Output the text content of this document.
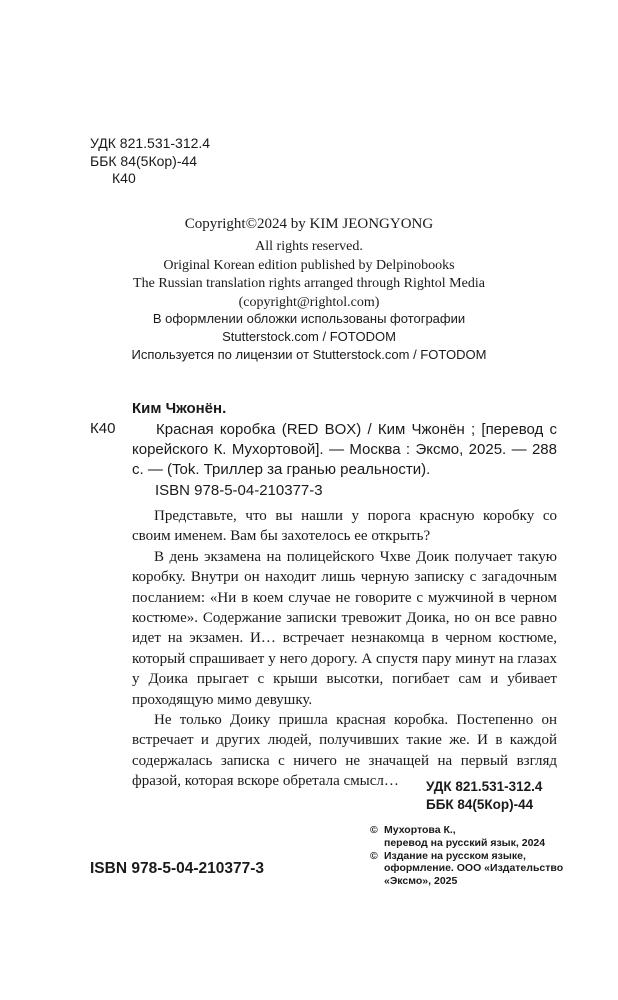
УДК 821.531-312.4
ББК 84(5Кор)-44
К40
Copyright©2024 by KIM JEONGYONG
All rights reserved.
Original Korean edition published by Delpinobooks
The Russian translation rights arranged through Rightol Media
(copyright@rightol.com)
В оформлении обложки использованы фотографии
Stutterstock.com / FOTODOM
Используется по лицензии от Stutterstock.com / FOTODOM
Ким Чжонён.
К40	Красная коробка (RED BOX) / Ким Чжонён ; [перевод с корейского К. Мухортовой]. — Москва : Эксмо, 2025. — 288 с. — (Tok. Триллер за гранью реальности).
ISBN 978-5-04-210377-3

Представьте, что вы нашли у порога красную коробку со своим именем. Вам бы захотелось ее открыть?

В день экзамена на полицейского Чхве Доик получает такую коробку. Внутри он находит лишь черную записку с загадочным посланием: «Ни в коем случае не говорите с мужчиной в черном костюме». Содержание записки тревожит Доика, но он все равно идет на экзамен. И… встречает незнакомца в черном костюме, который спрашивает у него дорогу. А спустя пару минут на глазах у Доика прыгает с крыши высотки, погибает сам и убивает проходящую мимо девушку.

Не только Доику пришла красная коробка. Постепенно он встречает и других людей, получивших такие же. И в каждой содержалась записка с ничего не значащей на первый взгляд фразой, которая вскоре обретала смысл…	УДК 821.531-312.4
ББК 84(5Кор)-44
© Мухортова К.,
перевод на русский язык, 2024
© Издание на русском языке,
оформление. ООО «Издательство
«Эксмо», 2025
ISBN 978-5-04-210377-3
